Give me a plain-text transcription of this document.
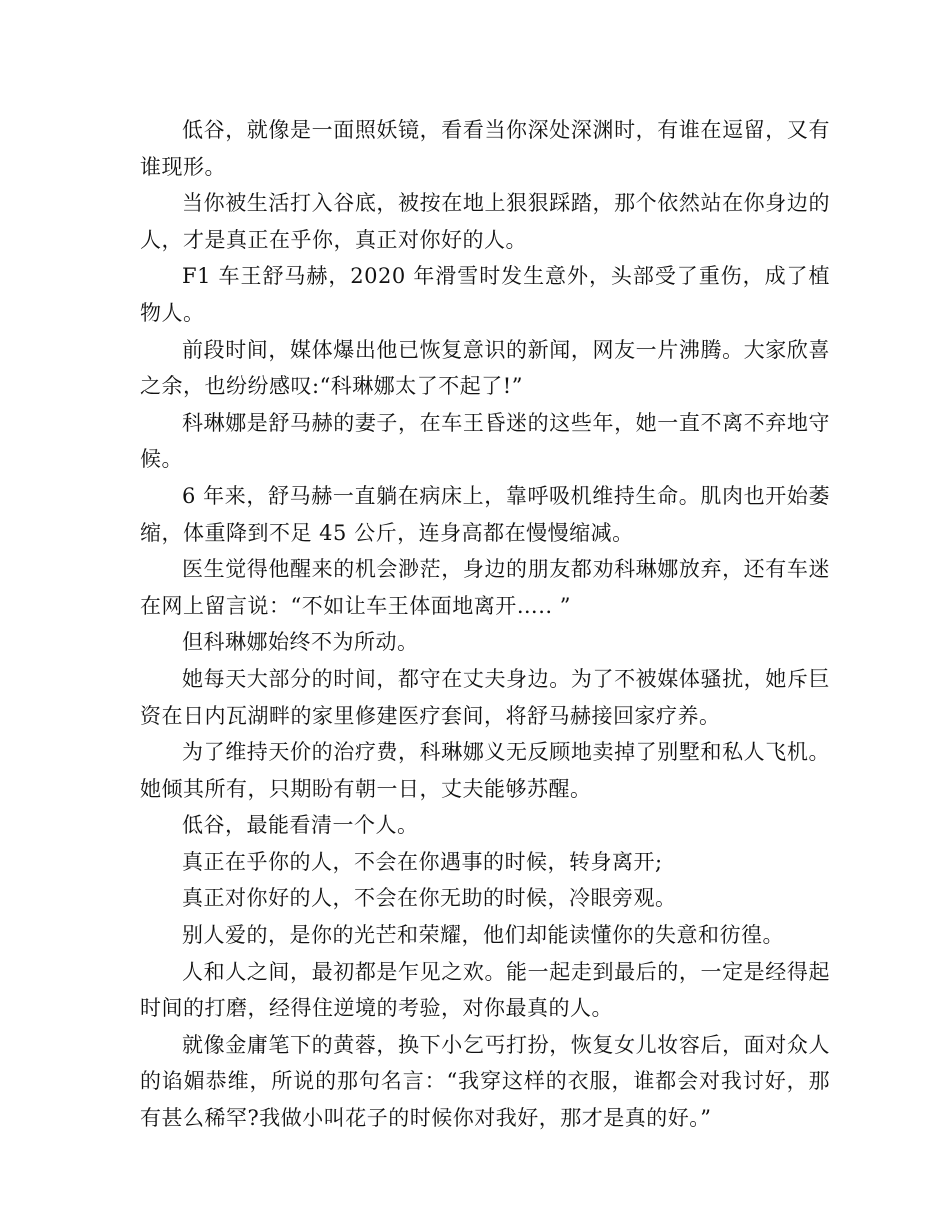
低谷，就像是一面照妖镜，看看当你深处深渊时，有谁在逗留，又有谁现形。

当你被生活打入谷底，被按在地上狠狠踩踏，那个依然站在你身边的人，才是真正在乎你，真正对你好的人。

F1 车王舒马赫，2020 年滑雪时发生意外，头部受了重伤，成了植物人。

前段时间，媒体爆出他已恢复意识的新闻，网友一片沸腾。大家欣喜之余，也纷纷感叹:“科琳娜太了不起了!”

科琳娜是舒马赫的妻子，在车王昏迷的这些年，她一直不离不弃地守候。

6 年来，舒马赫一直躺在病床上，靠呼吸机维持生命。肌肉也开始萎缩，体重降到不足 45 公斤，连身高都在慢慢缩减。

医生觉得他醒来的机会渺茫，身边的朋友都劝科琳娜放弃，还有车迷在网上留言说：“不如让车王体面地离开….. ”

但科琳娜始终不为所动。

她每天大部分的时间，都守在丈夫身边。为了不被媒体骚扰，她斥巨资在日内瓦湖畔的家里修建医疗套间，将舒马赫接回家疗养。

为了维持天价的治疗费，科琳娜义无反顾地卖掉了别墅和私人飞机。她倾其所有，只期盼有朝一日，丈夫能够苏醒。

低谷，最能看清一个人。

真正在乎你的人，不会在你遇事的时候，转身离开;

真正对你好的人，不会在你无助的时候，冷眼旁观。

别人爱的，是你的光芒和荣耀，他们却能读懂你的失意和彷徨。

人和人之间，最初都是乍见之欢。能一起走到最后的，一定是经得起时间的打磨，经得住逆境的考验，对你最真的人。

就像金庸笔下的黄蓉，换下小乞丐打扮，恢复女儿妆容后，面对众人的谄媚恭维，所说的那句名言：“我穿这样的衣服，谁都会对我讨好，那有甚么稀罕?我做小叫花子的时候你对我好，那才是真的好。”
